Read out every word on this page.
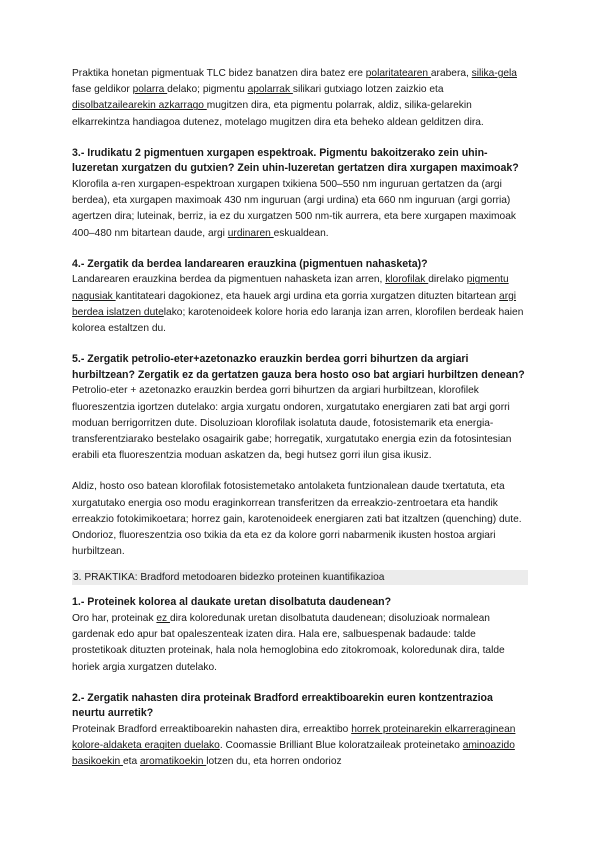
Praktika honetan pigmentuak TLC bidez banatzen dira batez ere polaritatearen arabera, silika-gela fase geldikor polarra delako; pigmentu apolarrak silikari gutxiago lotzen zaizkio eta disolbatzailearekin azkarrago mugitzen dira, eta pigmentu polarrak, aldiz, silika-gelarekin elkarrekintza handiagoa dutenez, motelago mugitzen dira eta beheko aldean gelditzen dira.

3.- Irudikatu 2 pigmentuen xurgapen espektroak. Pigmentu bakoitzerako zein uhin-luzeretan xurgatzen du gutxien? Zein uhin-luzeretan gertatzen dira xurgapen maximoak?

Klorofila a-ren xurgapen-espektroan xurgapen txikiena 500–550 nm inguruan gertatzen da (argi berdea), eta xurgapen maximoak 430 nm inguruan (argi urdina) eta 660 nm inguruan (argi gorria) agertzen dira; luteinak, berriz, ia ez du xurgatzen 500 nm-tik aurrera, eta bere xurgapen maximoak 400–480 nm bitartean daude, argi urdinaren eskualdean.

4.- Zergatik da berdea landarearen erauzkina (pigmentuen nahasketa)?

Landarearen erauzkina berdea da pigmentuen nahasketa izan arren, klorofilak direlako pigmentu nagusiak kantitateari dagokionez, eta hauek argi urdina eta gorria xurgatzen dituzten bitartean argi berdea islatzen dutelako; karotenoideek kolore horia edo laranja izan arren, klorofilen berdeak haien kolorea estaltzen du.

5.- Zergatik petrolio-eter+azetonazko erauzkin berdea gorri bihurtzen da argiari hurbiltzean? Zergatik ez da gertatzen gauza bera hosto oso bat argiari hurbiltzen denean?

Petrolio-eter + azetonazko erauzkin berdea gorri bihurtzen da argiari hurbiltzean, klorofilek fluoreszentzia igortzen dutelako: argia xurgatu ondoren, xurgatutako energiaren zati bat argi gorri moduan berrigorritzen dute. Disoluzioan klorofilak isolatuta daude, fotosistemarik eta energia-transferentziarako bestelako osagairik gabe; horregatik, xurgatutako energia ezin da fotosintesian erabili eta fluoreszentzia moduan askatzen da, begi hutsez gorri ilun gisa ikusiz.

Aldiz, hosto oso batean klorofilak fotosistemetako antolaketa funtzionalean daude txertatuta, eta xurgatutako energia oso modu eraginkorrean transferitzen da erreakzio-zentroetara eta handik erreakzio fotokimikoetara; horrez gain, karotenoideek energiaren zati bat itzaltzen (quenching) dute. Ondorioz, fluoreszentzia oso txikia da eta ez da kolore gorri nabarmenik ikusten hostoa argiari hurbiltzean.

3. PRAKTIKA: Bradford metodoaren bidezko proteinen kuantifikazioa
1.- Proteinek kolorea al daukate uretan disolbatuta daudenean?

Oro har, proteinak ez dira koloredunak uretan disolbatuta daudenean; disoluzioak normalean gardenak edo apur bat opaleszenteak izaten dira. Hala ere, salbuespenak badaude: talde prostetikoak dituzten proteinak, hala nola hemoglobina edo zitokromoak, koloredunak dira, talde horiek argia xurgatzen dutelako.

2.- Zergatik nahasten dira proteinak Bradford erreaktiboarekin euren kontzentrazioa neurtu aurretik?

Proteinak Bradford erreaktiboarekin nahasten dira, erreaktibo horrek proteinarekin elkarreraginean kolore-aldaketa eragiten duelako. Coomassie Brilliant Blue koloratzaileak proteinetako aminoazido basikoekin eta aromatikoekin lotzen du, eta horren ondorioz
